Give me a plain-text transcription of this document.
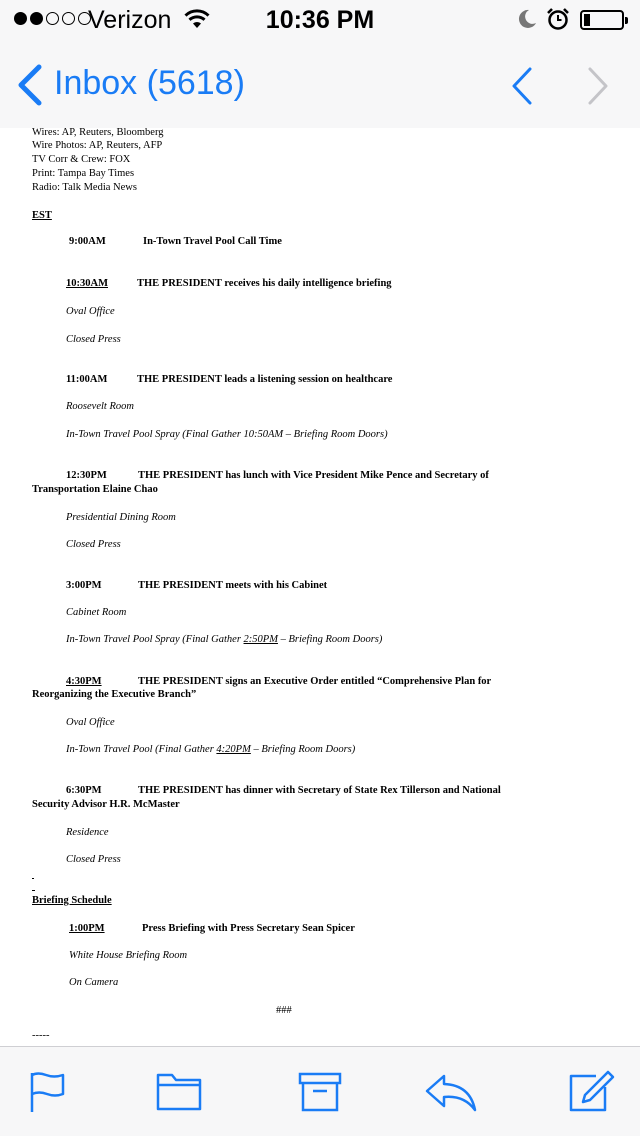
Verizon	10:36 PM
Inbox (5618)
Wires: AP, Reuters, Bloomberg
Wire Photos: AP, Reuters, AFP
TV Corr & Crew: FOX
Print: Tampa Bay Times
Radio: Talk Media News
EST
9:00AM	In-Town Travel Pool Call Time
10:30AM	THE PRESIDENT receives his daily intelligence briefing
Oval Office
Closed Press
11:00AM	THE PRESIDENT leads a listening session on healthcare
Roosevelt Room
In-Town Travel Pool Spray (Final Gather 10:50AM – Briefing Room Doors)
12:30PM	THE PRESIDENT has lunch with Vice President Mike Pence and Secretary of
Transportation Elaine Chao
Presidential Dining Room
Closed Press
3:00PM	THE PRESIDENT meets with his Cabinet
Cabinet Room
In-Town Travel Pool Spray (Final Gather 2:50PM – Briefing Room Doors)
4:30PM	THE PRESIDENT signs an Executive Order entitled “Comprehensive Plan for
Reorganizing the Executive Branch”
Oval Office
In-Town Travel Pool (Final Gather 4:20PM – Briefing Room Doors)
6:30PM	THE PRESIDENT has dinner with Secretary of State Rex Tillerson and National
Security Advisor H.R. McMaster
Residence
Closed Press
Briefing Schedule
1:00PM	Press Briefing with Press Secretary Sean Spicer
White House Briefing Room
On Camera
###
-----
